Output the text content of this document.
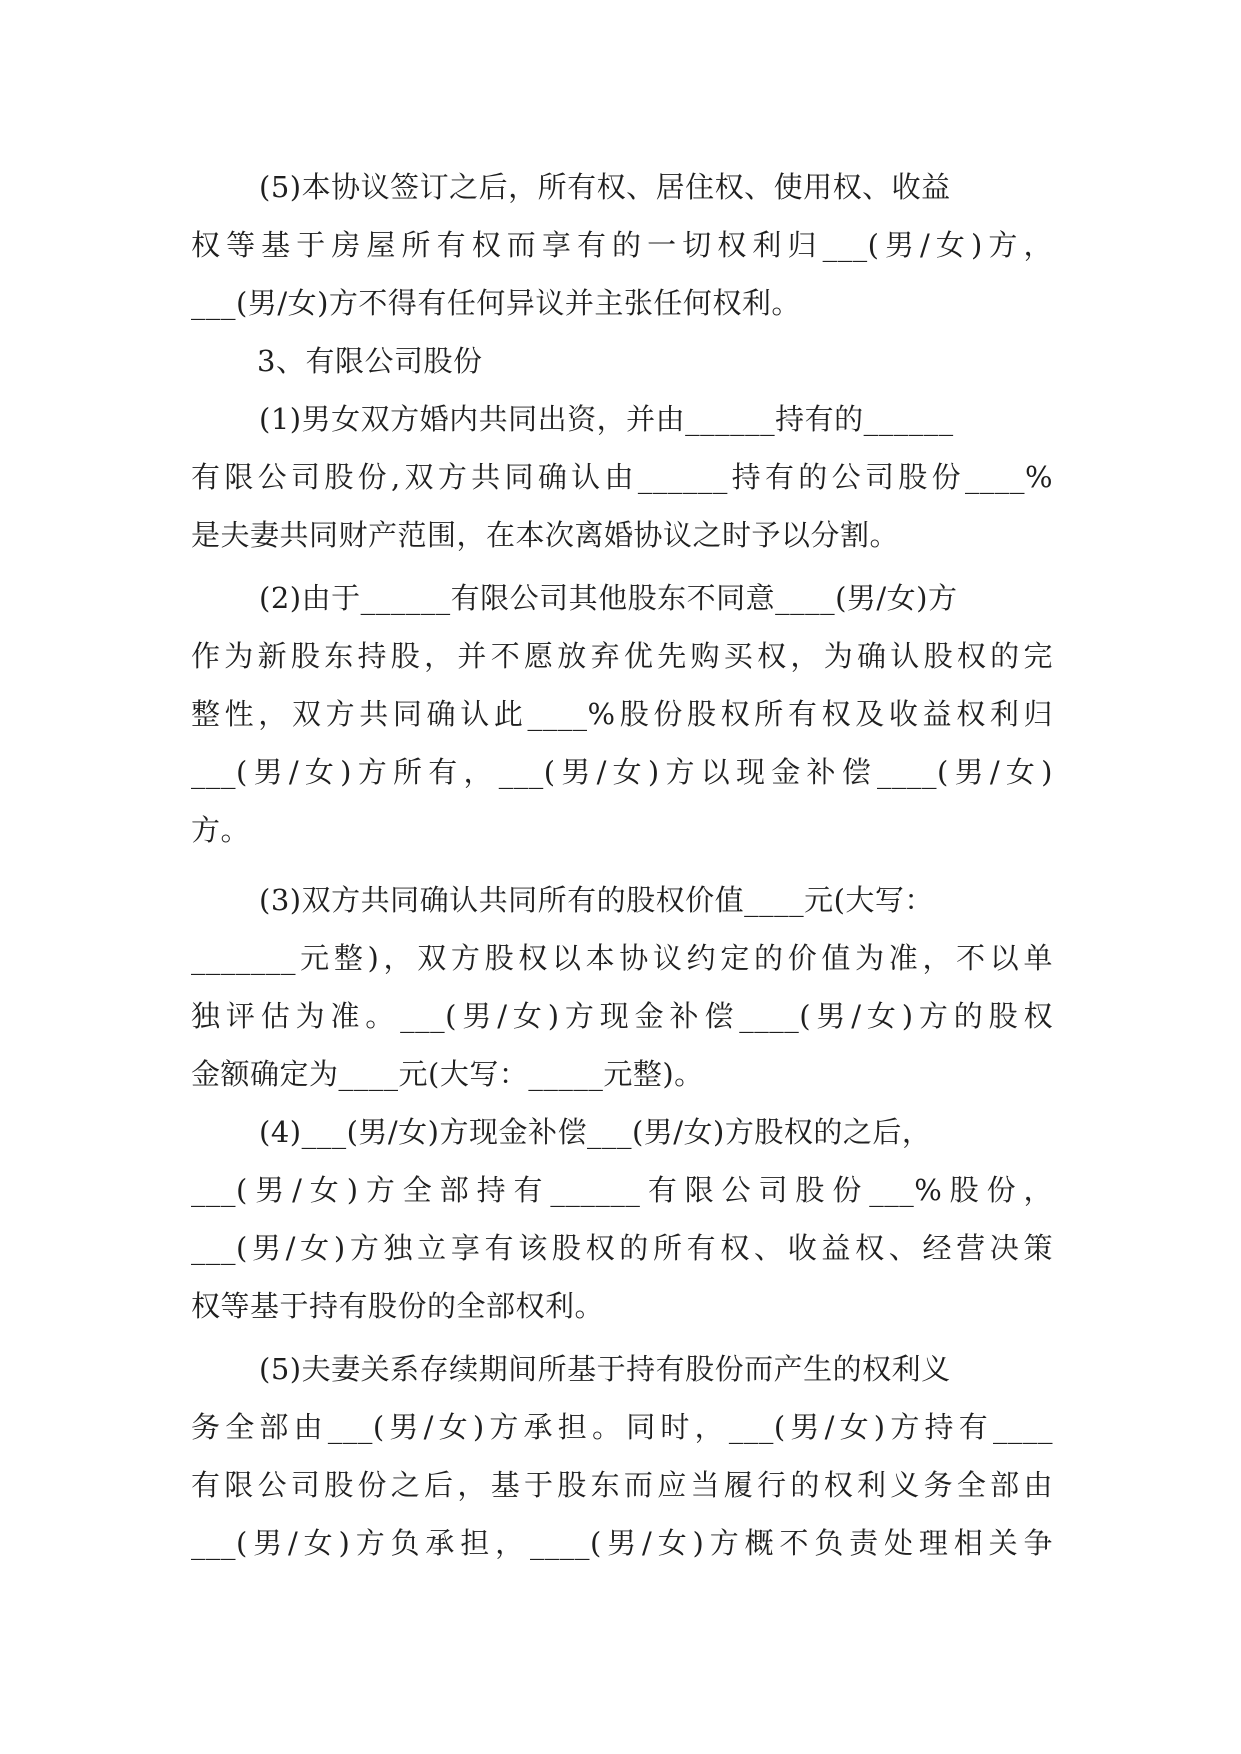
(5)本协议签订之后，所有权、居住权、使用权、收益
权等基于房屋所有权而享有的一切权利归___(男/女)方，
___(男/女)方不得有任何异议并主张任何权利。
3、有限公司股份
(1)男女双方婚内共同出资，并由______持有的______
有限公司股份,双方共同确认由______持有的公司股份____%
是夫妻共同财产范围，在本次离婚协议之时予以分割。
(2)由于______有限公司其他股东不同意____(男/女)方
作为新股东持股，并不愿放弃优先购买权，为确认股权的完
整性，双方共同确认此____%股份股权所有权及收益权利归
___(男/女)方所有，___(男/女)方以现金补偿____(男/女)
方。
(3)双方共同确认共同所有的股权价值____元(大写：
_______元整)，双方股权以本协议约定的价值为准，不以单
独评估为准。___(男/女)方现金补偿____(男/女)方的股权
金额确定为____元(大写：_____元整)。
(4)___(男/女)方现金补偿___(男/女)方股权的之后，
___(男/女)方全部持有______有限公司股份___%股份，
___(男/女)方独立享有该股权的所有权、收益权、经营决策
权等基于持有股份的全部权利。
(5)夫妻关系存续期间所基于持有股份而产生的权利义
务全部由___(男/女)方承担。同时，___(男/女)方持有____
有限公司股份之后，基于股东而应当履行的权利义务全部由
___(男/女)方负承担，____(男/女)方概不负责处理相关争
